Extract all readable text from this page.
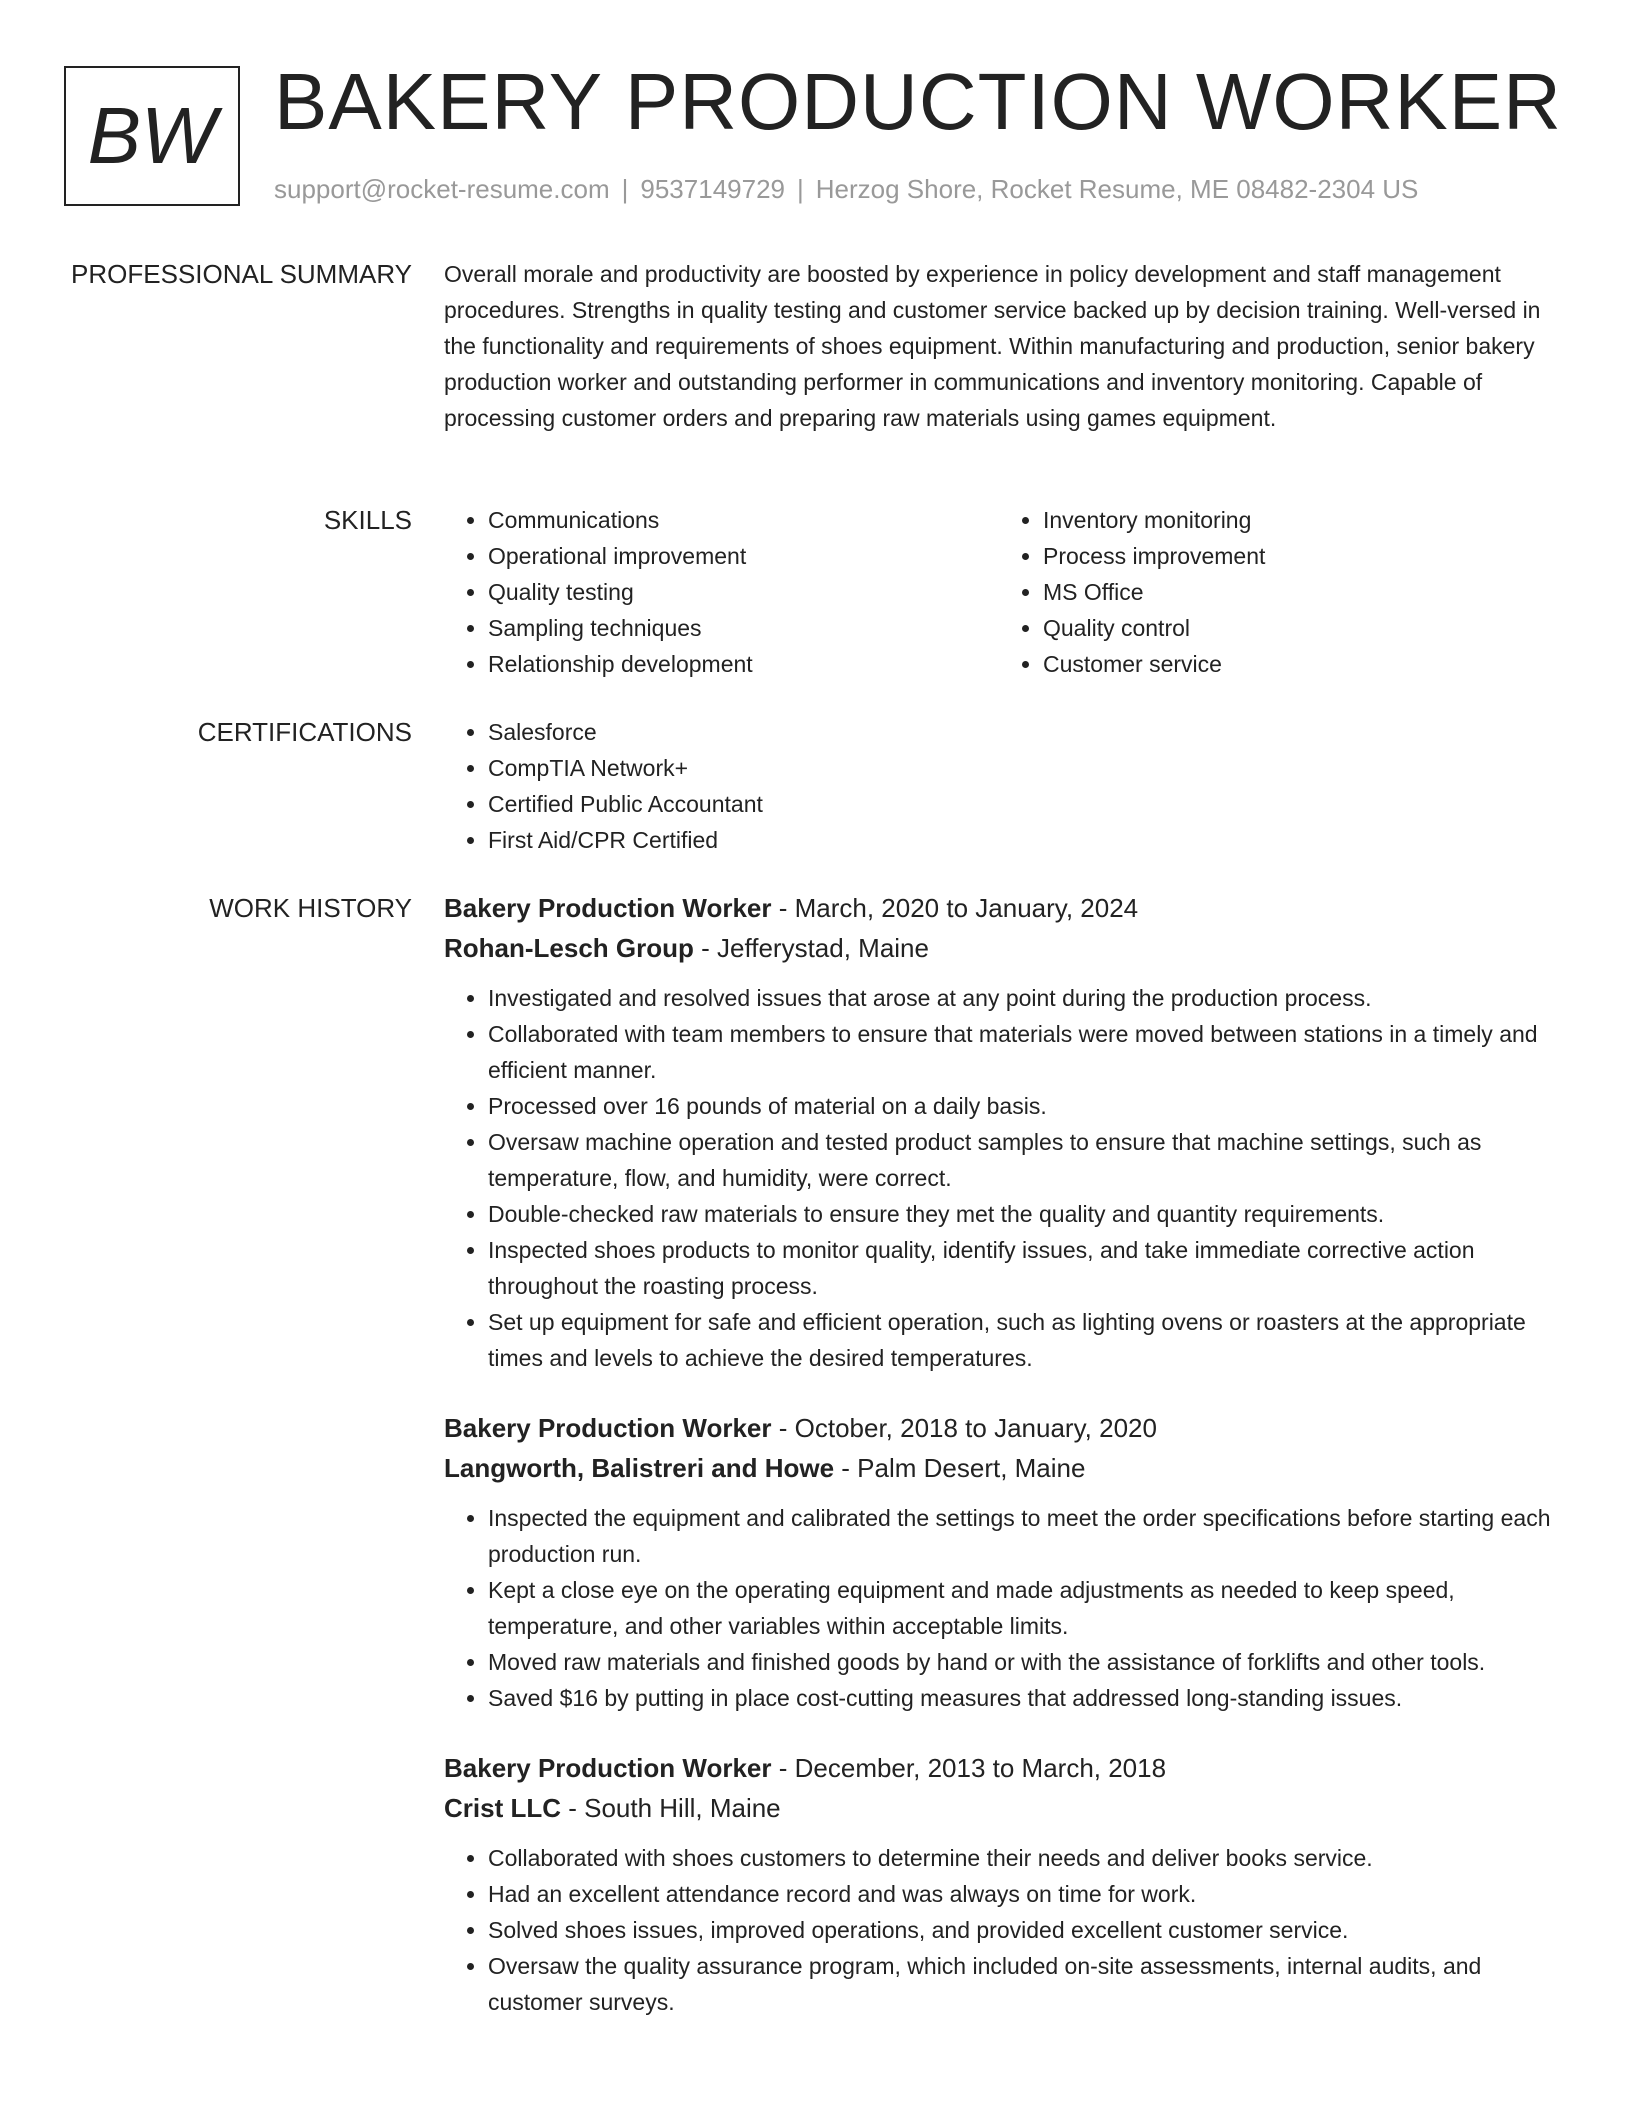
BW BAKERY PRODUCTION WORKER
support@rocket-resume.com | 9537149729 | Herzog Shore, Rocket Resume, ME 08482-2304 US
PROFESSIONAL SUMMARY Overall morale and productivity are boosted by experience in policy development and staff management procedures. Strengths in quality testing and customer service backed up by decision training. Well-versed in the functionality and requirements of shoes equipment. Within manufacturing and production, senior bakery production worker and outstanding performer in communications and inventory monitoring. Capable of processing customer orders and preparing raw materials using games equipment.

SKILLS	• Communications
• Operational improvement
• Quality testing
• Sampling techniques
• Relationship development
• Inventory monitoring
• Process improvement
• MS Office
• Quality control
• Customer service
CERTIFICATIONS	• Salesforce
• CompTIA Network+
• Certified Public Accountant
• First Aid/CPR Certified
WORK HISTORY Bakery Production Worker - March, 2020 to January, 2024
Rohan-Lesch Group - Jefferystad, Maine
• Investigated and resolved issues that arose at any point during the production process.
• Collaborated with team members to ensure that materials were moved between stations in a timely and efficient manner.
• Processed over 16 pounds of material on a daily basis.
• Oversaw machine operation and tested product samples to ensure that machine settings, such as temperature, flow, and humidity, were correct.
• Double-checked raw materials to ensure they met the quality and quantity requirements.
• Inspected shoes products to monitor quality, identify issues, and take immediate corrective action throughout the roasting process.
• Set up equipment for safe and efficient operation, such as lighting ovens or roasters at the appropriate times and levels to achieve the desired temperatures.
Bakery Production Worker - October, 2018 to January, 2020
Langworth, Balistreri and Howe - Palm Desert, Maine
• Inspected the equipment and calibrated the settings to meet the order specifications before starting each production run.
• Kept a close eye on the operating equipment and made adjustments as needed to keep speed, temperature, and other variables within acceptable limits.
• Moved raw materials and finished goods by hand or with the assistance of forklifts and other tools.
• Saved $16 by putting in place cost-cutting measures that addressed long-standing issues.
Bakery Production Worker - December, 2013 to March, 2018
Crist LLC - South Hill, Maine
• Collaborated with shoes customers to determine their needs and deliver books service.
• Had an excellent attendance record and was always on time for work.
• Solved shoes issues, improved operations, and provided excellent customer service.
• Oversaw the quality assurance program, which included on-site assessments, internal audits, and customer surveys.
